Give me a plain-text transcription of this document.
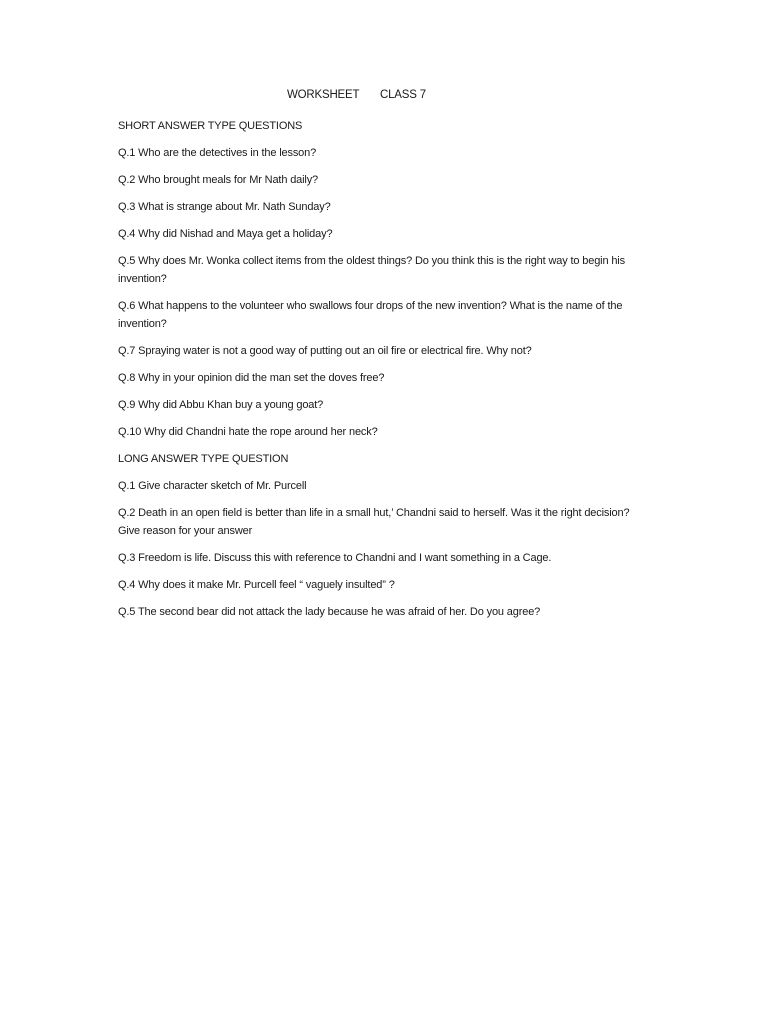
WORKSHEET CLASS 7

SHORT ANSWER TYPE QUESTIONS

Q.1 Who are the detectives in the lesson?

Q.2 Who brought meals for Mr Nath daily?

Q.3 What is strange about Mr. Nath Sunday?

Q.4 Why did Nishad and Maya get a holiday?

Q.5 Why does Mr. Wonka collect items from the oldest things? Do you think this is the right way to begin his invention?

Q.6 What happens to the volunteer who swallows four drops of the new invention? What is the name of the invention?

Q.7 Spraying water is not a good way of putting out an oil fire or electrical fire. Why not?

Q.8 Why in your opinion did the man set the doves free?

Q.9 Why did Abbu Khan buy a young goat?

Q.10 Why did Chandni hate the rope around her neck?

LONG ANSWER TYPE QUESTION

Q.1 Give character sketch of Mr. Purcell

Q.2 Death in an open field is better than life in a small hut,’ Chandni said to herself. Was it the right decision? Give reason for your answer

Q.3 Freedom is life. Discuss this with reference to Chandni and I want something in a Cage.

Q.4 Why does it make Mr. Purcell feel “ vaguely insulted” ?

Q.5 The second bear did not attack the lady because he was afraid of her. Do you agree?
